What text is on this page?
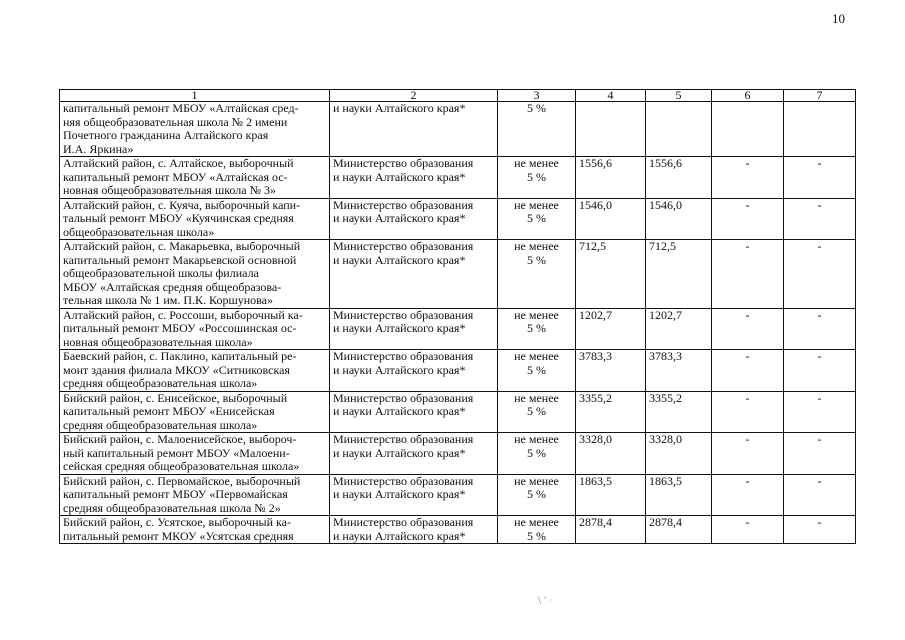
10
1	2	3	4	5	6	7

капитальный ремонт МБОУ «Алтайская сред-
няя общеобразовательная школа № 2 имени
Почетного гражданина Алтайского края
И.А. Яркина»	и науки Алтайского края*	5 %				

Алтайский район, с. Алтайское, выборочный
капитальный ремонт МБОУ «Алтайская ос-
новная общеобразовательная школа № 3»	Министерство образования
и науки Алтайского края*	не менее
5 %	1556,6	1556,6	-	-

Алтайский район, с. Куяча, выборочный капи-
тальный ремонт МБОУ «Куячинская средняя
общеобразовательная школа»	Министерство образования
и науки Алтайского края*	не менее
5 %	1546,0	1546,0	-	-

Алтайский район, с. Макарьевка, выборочный
капитальный ремонт Макарьевской основной
общеобразовательной школы филиала
МБОУ «Алтайская средняя общеобразова-
тельная школа № 1 им. П.К. Коршунова»	Министерство образования
и науки Алтайского края*	не менее
5 %	712,5	712,5	-	-

Алтайский район, с. Россоши, выборочный ка-
питальный ремонт МБОУ «Россошинская ос-
новная общеобразовательная школа»	Министерство образования
и науки Алтайского края*	не менее
5 %	1202,7	1202,7	-	-

Баевский район, с. Паклино, капитальный ре-
монт здания филиала МКОУ «Ситниковская
средняя общеобразовательная школа»	Министерство образования
и науки Алтайского края*	не менее
5 %	3783,3	3783,3	-	-

Бийский район, с. Енисейское, выборочный
капитальный ремонт МБОУ «Енисейская
средняя общеобразовательная школа»	Министерство образования
и науки Алтайского края*	не менее
5 %	3355,2	3355,2	-	-

Бийский район, с. Малоенисейское, выбороч-
ный капитальный ремонт МБОУ «Малоени-
сейская средняя общеобразовательная школа»	Министерство образования
и науки Алтайского края*	не менее
5 %	3328,0	3328,0	-	-

Бийский район, с. Первомайское, выборочный
капитальный ремонт МБОУ «Первомайская
средняя общеобразовательная школа № 2»	Министерство образования
и науки Алтайского края*	не менее
5 %	1863,5	1863,5	-	-

Бийский район, с. Усятское, выборочный ка-
питальный ремонт МКОУ «Усятская средняя	Министерство образования
и науки Алтайского края*	не менее
5 %	2878,4	2878,4	-	-
\ ' ·
